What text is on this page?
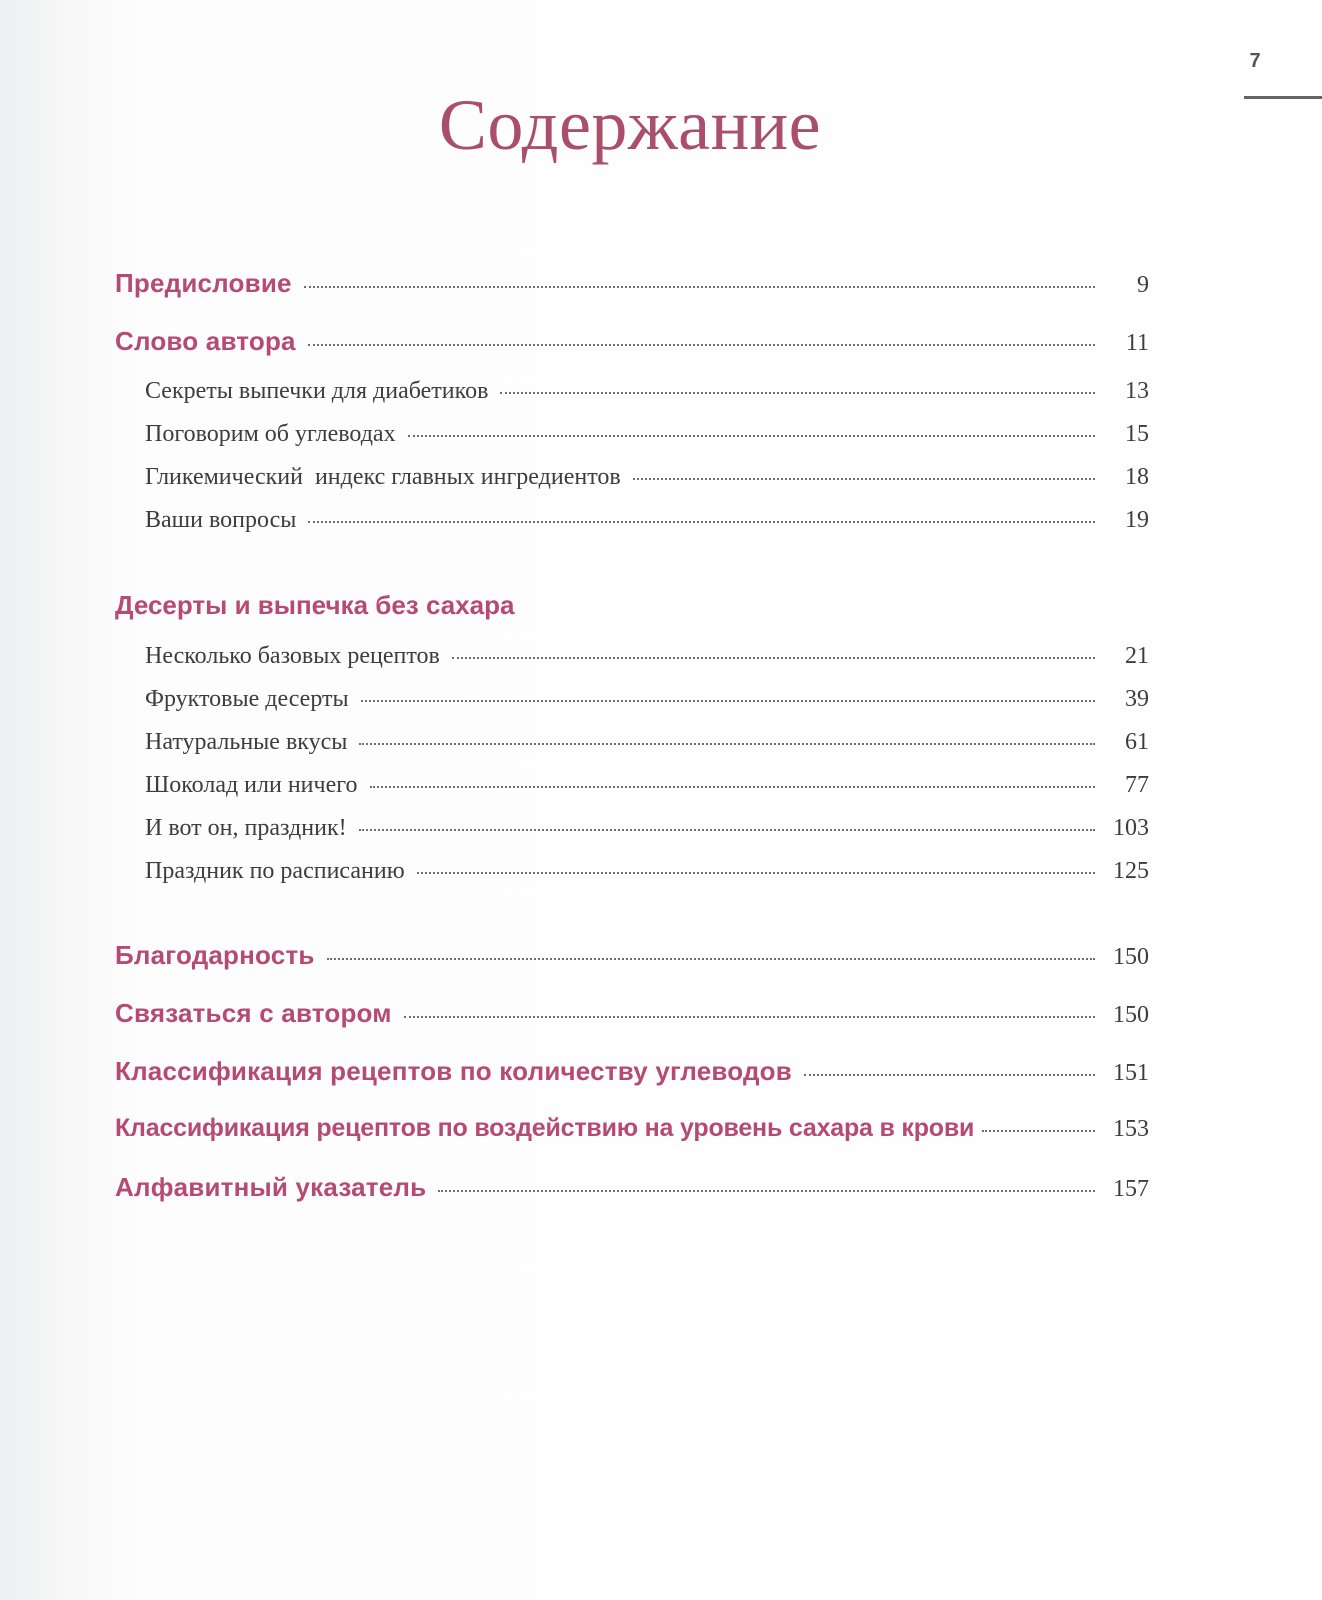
7
Содержание
Предисловие	9
Слово автора	11
Секреты выпечки для диабетиков	13
Поговорим об углеводах	15
Гликемический  индекс главных ингредиентов	18
Ваши вопросы	19
Десерты и выпечка без сахара
Несколько базовых рецептов	21
Фруктовые десерты	39
Натуральные вкусы	61
Шоколад или ничего	77
И вот он, праздник!	103
Праздник по расписанию	125
Благодарность	150
Связаться с автором	150
Классификация рецептов по количеству углеводов	151
Классификация рецептов по воздействию на уровень сахара в крови	153
Алфавитный указатель	157
